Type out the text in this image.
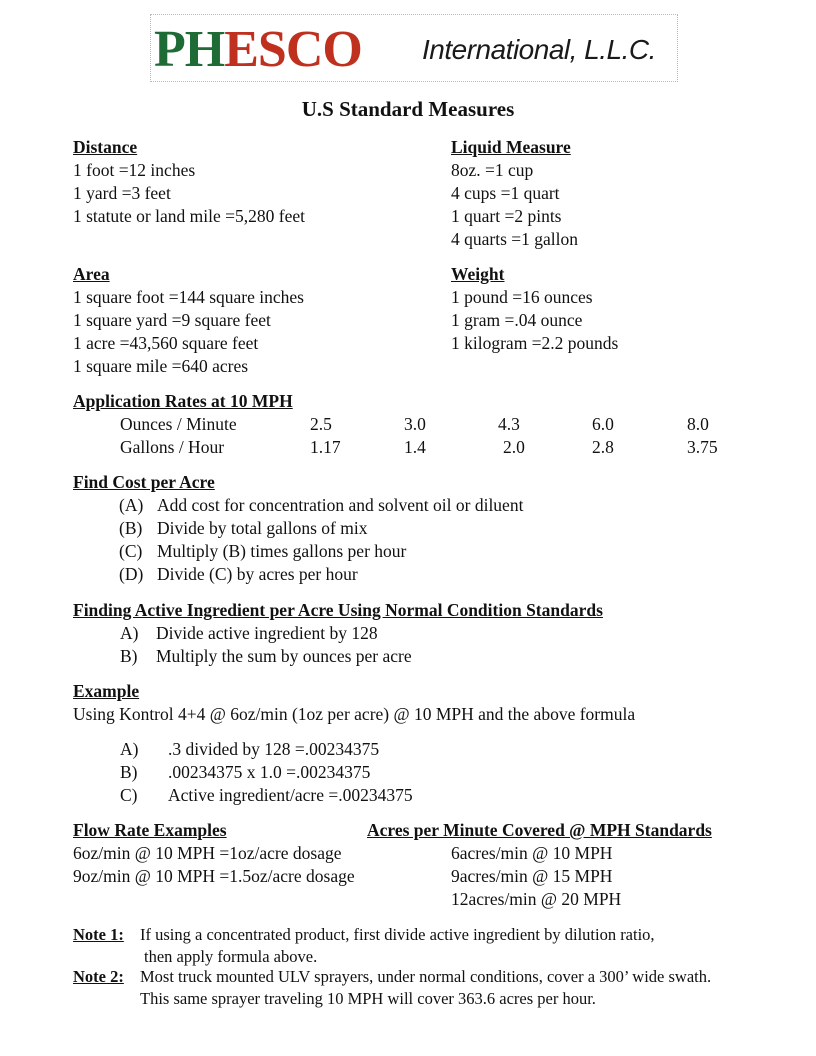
PHESCO International, L.L.C.
U.S Standard Measures
Distance
1 foot =12 inches
1 yard =3 feet
1 statute or land mile =5,280 feet
Liquid Measure
8oz. =1 cup
4 cups =1 quart
1 quart =2 pints
4 quarts =1 gallon
Area
1 square foot =144 square inches
1 square yard =9 square feet
1 acre =43,560 square feet
1 square mile =640 acres
Weight
1 pound =16 ounces
1 gram =.04 ounce
1 kilogram =2.2 pounds
Application Rates at 10 MPH
Ounces / Minute	2.5	3.0	4.3	6.0	8.0
Gallons / Hour	1.17	1.4	2.0	2.8	3.75
Find Cost per Acre
(A) Add cost for concentration and solvent oil or diluent
(B) Divide by total gallons of mix
(C) Multiply (B) times gallons per hour
(D) Divide (C) by acres per hour
Finding Active Ingredient per Acre Using Normal Condition Standards
A) Divide active ingredient by 128
B) Multiply the sum by ounces per acre
Example
Using Kontrol 4+4 @ 6oz/min (1oz per acre) @ 10 MPH and the above formula
A) .3 divided by 128 =.00234375
B) .00234375 x 1.0 =.00234375
C) Active ingredient/acre =.00234375
Flow Rate Examples
6oz/min @ 10 MPH =1oz/acre dosage
9oz/min @ 10 MPH =1.5oz/acre dosage
Acres per Minute Covered @ MPH Standards
6acres/min @ 10 MPH
9acres/min @ 15 MPH
12acres/min @ 20 MPH
Note 1: If using a concentrated product, first divide active ingredient by dilution ratio,
then apply formula above.
Note 2: Most truck mounted ULV sprayers, under normal conditions, cover a 300’ wide swath.
This same sprayer traveling 10 MPH will cover 363.6 acres per hour.
